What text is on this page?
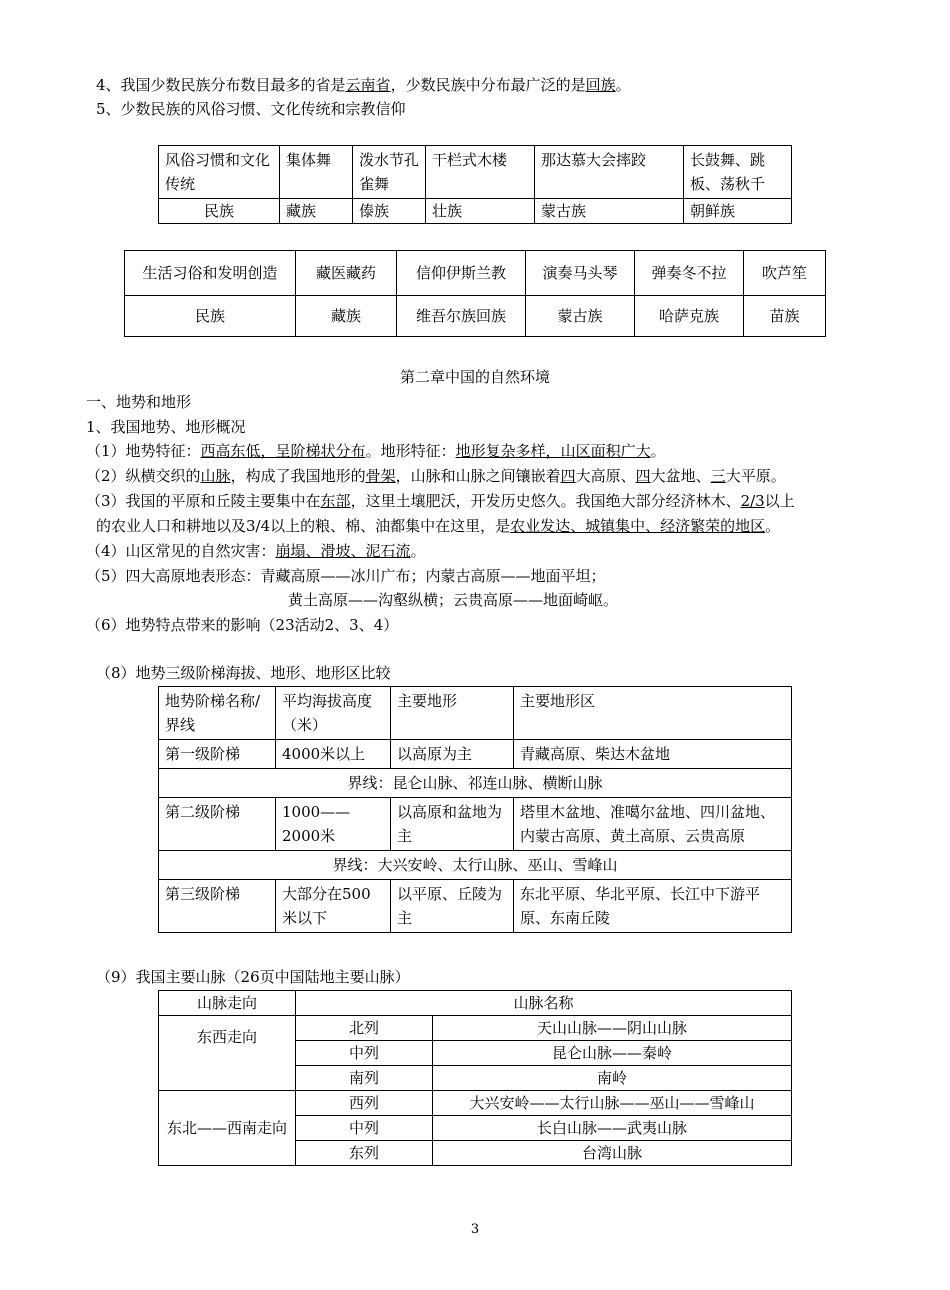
4、我国少数民族分布数目最多的省是云南省，少数民族中分布最广泛的是回族。
5、少数民族的风俗习惯、文化传统和宗教信仰
风俗习惯和文化传统	集体舞	泼水节孔雀舞	干栏式木楼	那达慕大会摔跤	长鼓舞、跳板、荡秋千
民族	藏族	傣族	壮族	蒙古族	朝鲜族
生活习俗和发明创造	藏医藏药	信仰伊斯兰教	演奏马头琴	弹奏冬不拉	吹芦笙
民族	藏族	维吾尔族回族	蒙古族	哈萨克族	苗族
第二章中国的自然环境
一、地势和地形
1、我国地势、地形概况
（1）地势特征：西高东低，呈阶梯状分布。地形特征：地形复杂多样，山区面积广大。
（2）纵横交织的山脉，构成了我国地形的骨架，山脉和山脉之间镶嵌着四大高原、四大盆地、三大平原。
（3）我国的平原和丘陵主要集中在东部，这里土壤肥沃，开发历史悠久。我国绝大部分经济林木、2/3以上
的农业人口和耕地以及3/4以上的粮、棉、油都集中在这里，是农业发达、城镇集中、经济繁荣的地区。
（4）山区常见的自然灾害：崩塌、滑坡、泥石流。
（5）四大高原地表形态：青藏高原——冰川广布；内蒙古高原——地面平坦；
黄土高原——沟壑纵横；云贵高原——地面崎岖。
（6）地势特点带来的影响（23活动2、3、4）
（8）地势三级阶梯海拔、地形、地形区比较
地势阶梯名称/界线	平均海拔高度（米）	主要地形	主要地形区
第一级阶梯	4000米以上	以高原为主	青藏高原、柴达木盆地
界线：昆仑山脉、祁连山脉、横断山脉			
第二级阶梯	1000——2000米	以高原和盆地为主	塔里木盆地、准噶尔盆地、四川盆地、内蒙古高原、黄土高原、云贵高原
界线：大兴安岭、太行山脉、巫山、雪峰山			
第三级阶梯	大部分在500米以下	以平原、丘陵为主	东北平原、华北平原、长江中下游平原、东南丘陵
（9）我国主要山脉（26页中国陆地主要山脉）
山脉走向	山脉名称	
东西走向	北列	天山山脉——阴山山脉
	中列	昆仑山脉——秦岭
	南列	南岭
东北——西南走向	西列	大兴安岭——太行山脉——巫山——雪峰山
	中列	长白山脉——武夷山脉
	东列	台湾山脉
3
